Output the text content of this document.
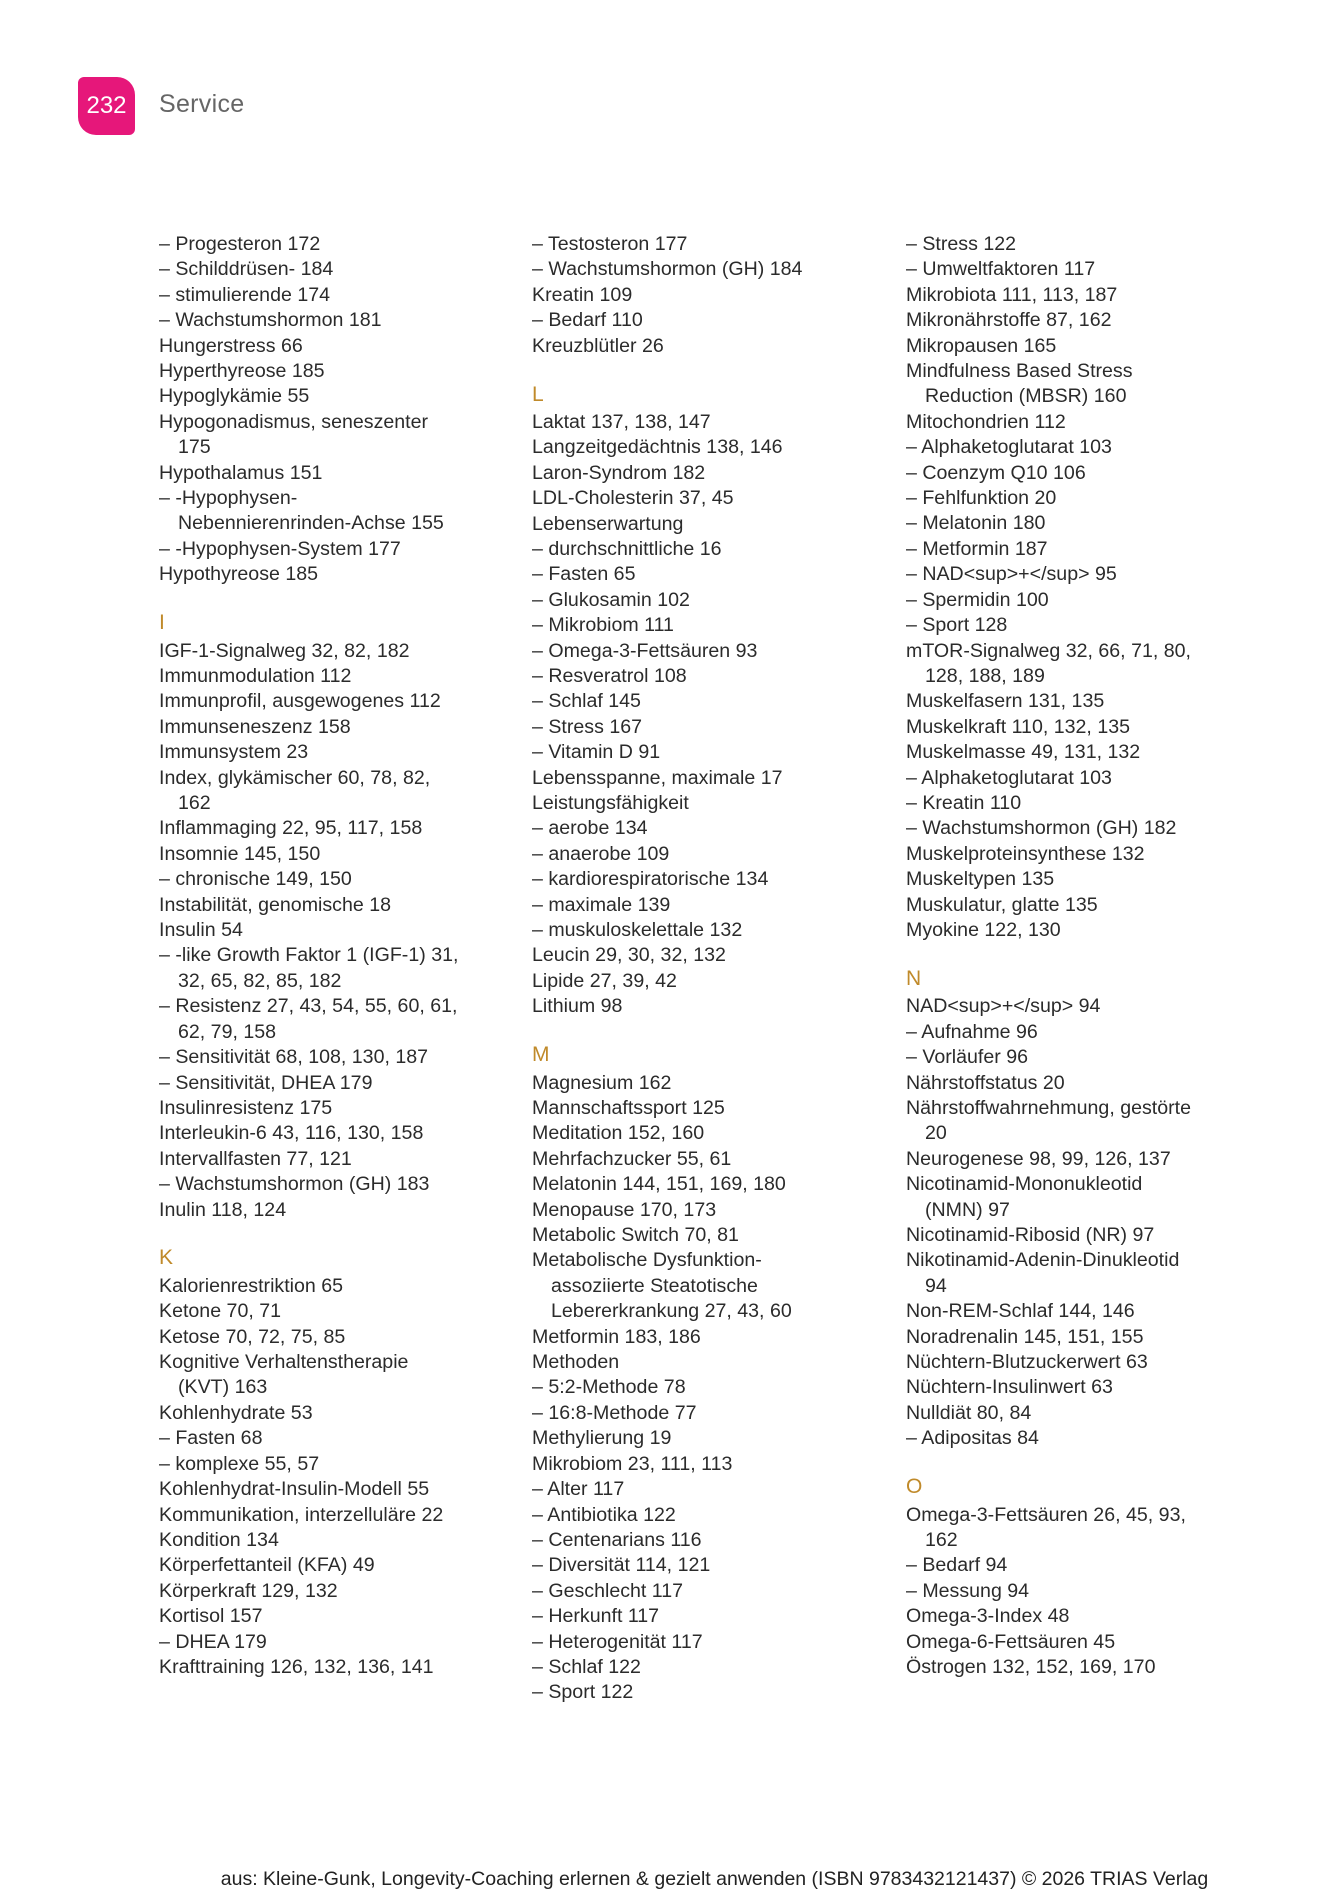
232 Service
– Progesteron 172
– Schilddrüsen- 184
– stimulierende 174
– Wachstumshormon 181
Hungerstress 66
Hyperthyreose 185
Hypoglykämie 55
Hypogonadismus, seneszenter
175
Hypothalamus 151
– -Hypophysen-
Nebennierenrinden-Achse 155
– -Hypophysen-System 177
Hypothyreose 185
I
IGF-1-Signalweg 32, 82, 182
Immunmodulation 112
Immunprofil, ausgewogenes 112
Immunseneszenz 158
Immunsystem 23
Index, glykämischer 60, 78, 82,
162
Inflammaging 22, 95, 117, 158
Insomnie 145, 150
– chronische 149, 150
Instabilität, genomische 18
Insulin 54
– -like Growth Faktor 1 (IGF-1) 31,
32, 65, 82, 85, 182
– Resistenz 27, 43, 54, 55, 60, 61,
62, 79, 158
– Sensitivität 68, 108, 130, 187
– Sensitivität, DHEA 179
Insulinresistenz 175
Interleukin-6 43, 116, 130, 158
Intervallfasten 77, 121
– Wachstumshormon (GH) 183
Inulin 118, 124
K
Kalorienrestriktion 65
Ketone 70, 71
Ketose 70, 72, 75, 85
Kognitive Verhaltenstherapie
(KVT) 163
Kohlenhydrate 53
– Fasten 68
– komplexe 55, 57
Kohlenhydrat-Insulin-Modell 55
Kommunikation, interzelluläre 22
Kondition 134
Körperfettanteil (KFA) 49
Körperkraft 129, 132
Kortisol 157
– DHEA 179
Krafttraining 126, 132, 136, 141
– Testosteron 177
– Wachstumshormon (GH) 184
Kreatin 109
– Bedarf 110
Kreuzblütler 26
L
Laktat 137, 138, 147
Langzeitgedächtnis 138, 146
Laron-Syndrom 182
LDL-Cholesterin 37, 45
Lebenserwartung
– durchschnittliche 16
– Fasten 65
– Glukosamin 102
– Mikrobiom 111
– Omega-3-Fettsäuren 93
– Resveratrol 108
– Schlaf 145
– Stress 167
– Vitamin D 91
Lebensspanne, maximale 17
Leistungsfähigkeit
– aerobe 134
– anaerobe 109
– kardiorespiratorische 134
– maximale 139
– muskuloskelettale 132
Leucin 29, 30, 32, 132
Lipide 27, 39, 42
Lithium 98
M
Magnesium 162
Mannschaftssport 125
Meditation 152, 160
Mehrfachzucker 55, 61
Melatonin 144, 151, 169, 180
Menopause 170, 173
Metabolic Switch 70, 81
Metabolische Dysfunktion-
assoziierte Steatotische
Lebererkrankung 27, 43, 60
Metformin 183, 186
Methoden
– 5:2-Methode 78
– 16:8-Methode 77
Methylierung 19
Mikrobiom 23, 111, 113
– Alter 117
– Antibiotika 122
– Centenarians 116
– Diversität 114, 121
– Geschlecht 117
– Herkunft 117
– Heterogenität 117
– Schlaf 122
– Sport 122
– Stress 122
– Umweltfaktoren 117
Mikrobiota 111, 113, 187
Mikronährstoffe 87, 162
Mikropausen 165
Mindfulness Based Stress
Reduction (MBSR) 160
Mitochondrien 112
– Alphaketoglutarat 103
– Coenzym Q10 106
– Fehlfunktion 20
– Melatonin 180
– Metformin 187
– NAD<sup>+</sup> 95
– Spermidin 100
– Sport 128
mTOR-Signalweg 32, 66, 71, 80,
128, 188, 189
Muskelfasern 131, 135
Muskelkraft 110, 132, 135
Muskelmasse 49, 131, 132
– Alphaketoglutarat 103
– Kreatin 110
– Wachstumshormon (GH) 182
Muskelproteinsynthese 132
Muskeltypen 135
Muskulatur, glatte 135
Myokine 122, 130
N
NAD<sup>+</sup> 94
– Aufnahme 96
– Vorläufer 96
Nährstoffstatus 20
Nährstoffwahrnehmung, gestörte
20
Neurogenese 98, 99, 126, 137
Nicotinamid-Mononukleotid
(NMN) 97
Nicotinamid-Ribosid (NR) 97
Nikotinamid-Adenin-Dinukleotid
94
Non-REM-Schlaf 144, 146
Noradrenalin 145, 151, 155
Nüchtern-Blutzuckerwert 63
Nüchtern-Insulinwert 63
Nulldiät 80, 84
– Adipositas 84
O
Omega-3-Fettsäuren 26, 45, 93,
162
– Bedarf 94
– Messung 94
Omega-3-Index 48
Omega-6-Fettsäuren 45
Östrogen 132, 152, 169, 170
aus: Kleine-Gunk, Longevity-Coaching erlernen & gezielt anwenden (ISBN 9783432121437) © 2026 TRIAS Verlag
